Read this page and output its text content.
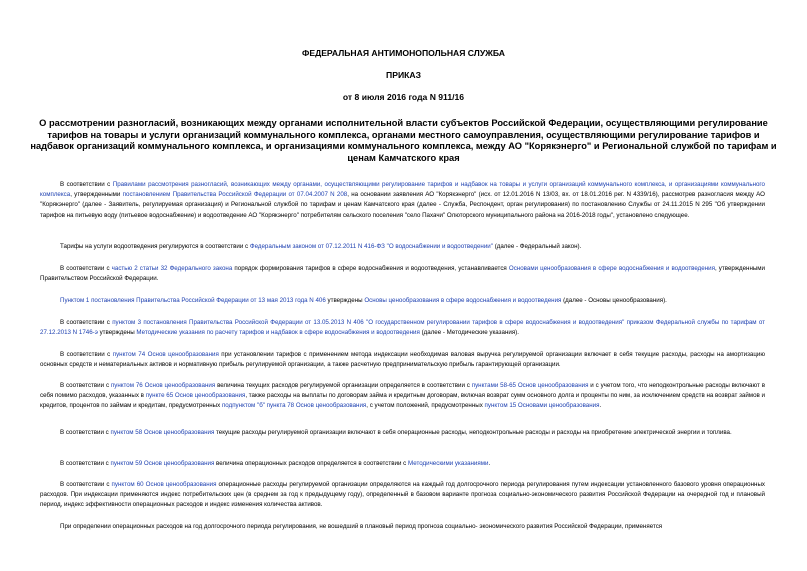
ФЕДЕРАЛЬНАЯ АНТИМОНОПОЛЬНАЯ СЛУЖБА
ПРИКАЗ
от 8 июля 2016 года N 911/16
О рассмотрении разногласий, возникающих между органами исполнительной власти субъектов Российской Федерации, осуществляющими регулирование тарифов на товары и услуги организаций коммунального комплекса, органами местного самоуправления, осуществляющими регулирование тарифов и надбавок организаций коммунального комплекса, и организациями коммунального комплекса, между АО "Корякэнерго" и Региональной службой по тарифам и ценам Камчатского края

В соответствии с Правилами рассмотрения разногласий, возникающих между органами, осуществляющими регулирование тарифов и надбавок на товары и услуги организаций коммунального комплекса, и организациями коммунального комплекса, утвержденными постановлением Правительства Российской Федерации от 07.04.2007 N 208, на основании заявления АО "Корякэнерго" (исх. от 12.01.2016 N 13/03, вх. от 18.01.2016 рег. N 4339/16), рассмотрев разногласия между АО "Корякэнерго" (далее - Заявитель, регулируемая организация) и Региональной службой по тарифам и ценам Камчатского края (далее - Служба, Респондент, орган регулирования) по постановлению Службы от 24.11.2015 N 295 "Об утверждении тарифов на питьевую воду (питьевое водоснабжение) и водоотведение АО "Корякэнерго" потребителям сельского поселения "село Пахачи" Олюторского муниципального района на 2016-2018 годы", установлено следующее.

Тарифы на услуги водоотведения регулируются в соответствии с Федеральным законом от 07.12.2011 N 416-ФЗ "О водоснабжении и водоотведении" (далее - Федеральный закон).

В соответствии с частью 2 статьи 32 Федерального закона порядок формирования тарифов в сфере водоснабжения и водоотведения, устанавливается Основами ценообразования в сфере водоснабжения и водоотведения, утвержденными Правительством Российской Федерации.

Пунктом 1 постановления Правительства Российской Федерации от 13 мая 2013 года N 406 утверждены Основы ценообразования в сфере водоснабжения и водоотведения (далее - Основы ценообразования).

В соответствии с пунктом 3 постановления Правительства Российской Федерации от 13.05.2013 N 406 "О государственном регулировании тарифов в сфере водоснабжения и водоотведения" приказом Федеральной службы по тарифам от 27.12.2013 N 1746-э утверждены Методические указания по расчету тарифов и надбавок в сфере водоснабжения и водоотведения (далее - Методические указания).

В соответствии с пунктом 74 Основ ценообразования при установлении тарифов с применением метода индексации необходимая валовая выручка регулируемой организации включает в себя текущие расходы, расходы на амортизацию основных средств и нематериальных активов и нормативную прибыль регулируемой организации, а также расчетную предпринимательскую прибыль гарантирующей организации.

В соответствии с пунктом 76 Основ ценообразования величина текущих расходов регулируемой организации определяется в соответствии с пунктами 58-65 Основ ценообразования и с учетом того, что неподконтрольные расходы включают в себя помимо расходов, указанных в пункте 65 Основ ценообразования, также расходы на выплаты по договорам займа и кредитным договорам, включая возврат сумм основного долга и проценты по ним, за исключением средств на возврат займов и кредитов, процентов по займам и кредитам, предусмотренных подпунктом "б" пункта 78 Основ ценообразования, с учетом положений, предусмотренных пунктом 15 Основами ценообразования.

В соответствии с пунктом 58 Основ ценообразования текущие расходы регулируемой организации включают в себя операционные расходы, неподконтрольные расходы и расходы на приобретение электрической энергии и топлива.

В соответствии с пунктом 59 Основ ценообразования величина операционных расходов определяется в соответствии с Методическими указаниями.

В соответствии с пунктом 60 Основ ценообразования операционные расходы регулируемой организации определяются на каждый год долгосрочного периода регулирования путем индексации установленного базового уровня операционных расходов. При индексации применяются индекс потребительских цен (в среднем за год к предыдущему году), определенный в базовом варианте прогноза социально-экономического развития Российской Федерации на очередной год и плановый период, индекс эффективности операционных расходов и индекс изменения количества активов.

При определении операционных расходов на год долгосрочного периода регулирования, не вошедший в плановый период прогноза социально- экономического развития Российской Федерации, применяется
